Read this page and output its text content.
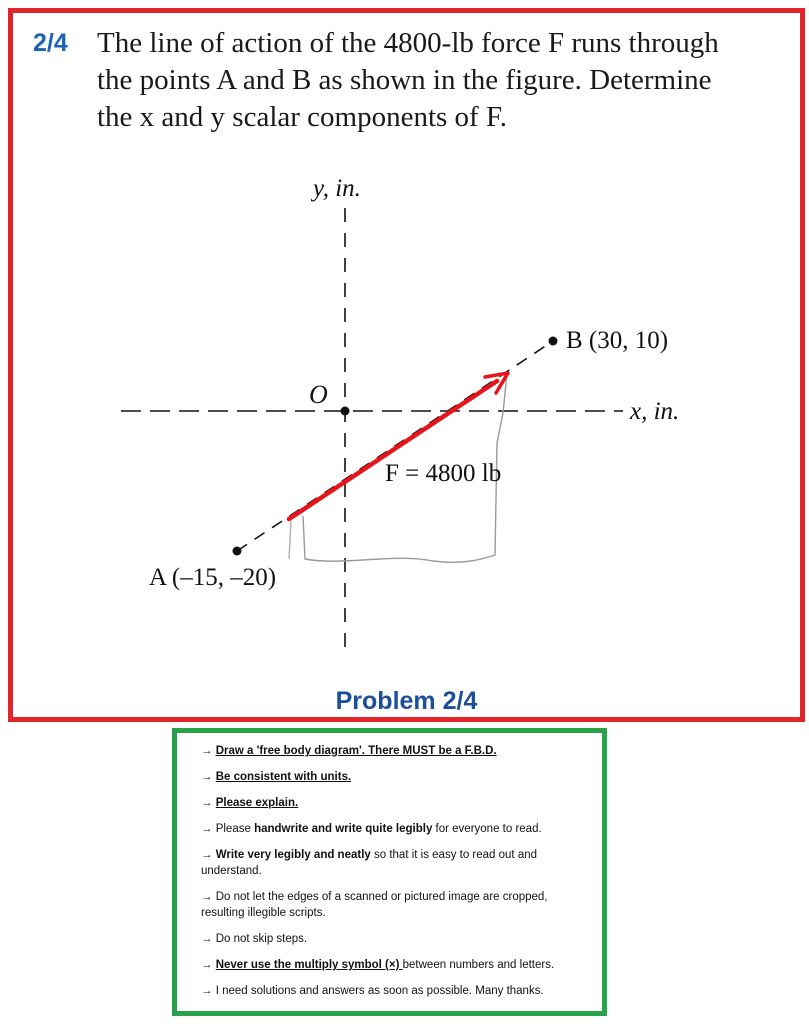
2/4 The line of action of the 4800-lb force F runs through
the points A and B as shown in the figure. Determine
the x and y scalar components of F.
y, in.
x, in.
O
B (30, 10)
A (–15, –20)
F = 4800 lb
Problem 2/4
→ Draw a 'free body diagram'. There MUST be a F.B.D.
→ Be consistent with units.
→ Please explain.
→ Please handwrite and write quite legibly for everyone to read.
→ Write very legibly and neatly so that it is easy to read out and understand.
→ Do not let the edges of a scanned or pictured image are cropped, resulting illegible scripts.
→ Do not skip steps.
→ Never use the multiply symbol (×) between numbers and letters.
→ I need solutions and answers as soon as possible. Many thanks.
